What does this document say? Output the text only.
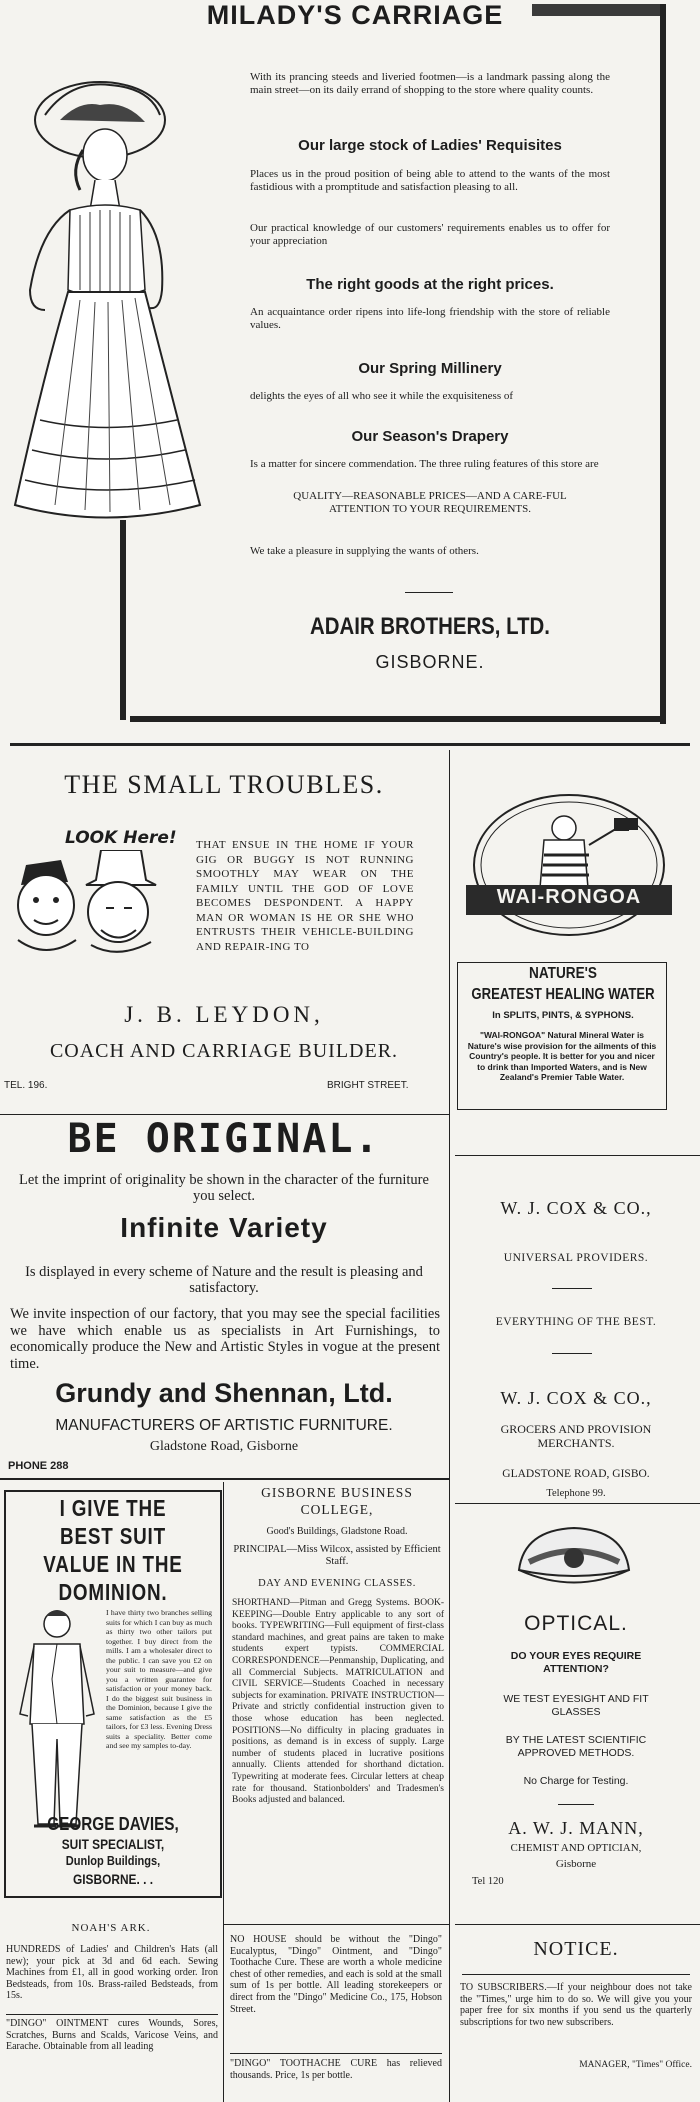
MILADY'S CARRIAGE

With its prancing steeds and liveried footmen—is a landmark passing along the main street—on its daily errand of shopping to the store where quality counts.

Our large stock of Ladies' Requisites

Places us in the proud position of being able to attend to the wants of the most fastidious with a promptitude and satisfaction pleasing to all.

Our practical knowledge of our customers' requirements enables us to offer for your appreciation

The right goods at the right prices.

An acquaintance order ripens into life-long friendship with the store of reliable values.

Our Spring Millinery

delights the eyes of all who see it while the exquisiteness of

Our Season's Drapery

Is a matter for sincere commendation. The three ruling features of this store are

QUALITY—REASONABLE PRICES—AND A CARE-FUL ATTENTION TO YOUR REQUIREMENTS.

We take a pleasure in supplying the wants of others.

ADAIR BROTHERS, LTD.
GISBORNE.
THE SMALL TROUBLES.
LOOK Here! THAT ENSUE IN THE HOME IF YOUR GIG OR BUGGY IS NOT RUNNING SMOOTHLY MAY WEAR ON THE FAMILY UNTIL THE GOD OF LOVE BECOMES DESPONDENT. A HAPPY MAN OR WOMAN IS HE OR SHE WHO ENTRUSTS THEIR VEHICLE-BUILDING AND REPAIR-ING TO

J. B. LEYDON,
COACH AND CARRIAGE BUILDER.
TEL. 196.	BRIGHT STREET.
WAI-RONGOA
NATURE'S
GREATEST HEALING WATER
In SPLITS, PINTS, & SYPHONS.

"WAI-RONGOA" Natural Mineral Water is Nature's wise provision for the ailments of this Country's people. It is better for you and nicer to drink than Imported Waters, and is New Zealand's Premier Table Water.

BE ORIGINAL.

Let the imprint of originality be shown in the character of the furniture you select.

Infinite Variety

Is displayed in every scheme of Nature and the result is pleasing and satisfactory.

We invite inspection of our factory, that you may see the special facilities we have which enable us as specialists in Art Furnishings, to economically produce the New and Artistic Styles in vogue at the present time.

Grundy and Shennan, Ltd.
MANUFACTURERS OF ARTISTIC FURNITURE.
Gladstone Road, Gisborne
PHONE 288
W. J. COX & CO.,
UNIVERSAL PROVIDERS.
EVERYTHING OF THE BEST.
W. J. COX & CO.,
GROCERS AND PROVISION MERCHANTS.
GLADSTONE ROAD, GISBO.
Telephone 99.
I GIVE THE BEST SUIT VALUE IN THE DOMINION.

I have thirty two branches selling suits for which I can buy as much as thirty two other tailors put together. I buy direct from the mills. I am a wholesaler direct to the public. I can save you £2 on your suit to measure—and give you a written guarantee for satisfaction or your money back. I do the biggest suit business in the Dominion, because I give the same satisfaction as the £5 tailors, for £3 less. Evening Dress suits a speciality. Better come and see my samples to-day.

GEORGE DAVIES,
SUIT SPECIALIST,
Dunlop Buildings,
GISBORNE. . .
GISBORNE BUSINESS COLLEGE,
Good's Buildings, Gladstone Road.

PRINCIPAL—Miss Wilcox, assisted by Efficient Staff.

DAY AND EVENING CLASSES.

SHORTHAND—Pitman and Gregg Systems. BOOK-KEEPING—Double Entry applicable to any sort of books. TYPEWRITING—Full equipment of first-class standard machines, and great pains are taken to make students expert typists. COMMERCIAL CORRESPONDENCE—Penmanship, Duplicating, and all Commercial Subjects. MATRICULATION and CIVIL SERVICE—Students Coached in necessary subjects for examination. PRIVATE INSTRUCTION—Private and strictly confidential instruction given to those whose education has been neglected. POSITIONS—No difficulty in placing graduates in positions, as demand is in excess of supply. Large number of students placed in lucrative positions annually. Clients attended for shorthand dictation. Typewriting at moderate fees. Circular letters at cheap rate for thousand. Stationbolders' and Tradesmen's Books adjusted and balanced.

OPTICAL.
DO YOUR EYES REQUIRE ATTENTION?
WE TEST EYESIGHT AND FIT GLASSES
BY THE LATEST SCIENTIFIC APPROVED METHODS.
No Charge for Testing.
A. W. J. MANN,
CHEMIST AND OPTICIAN,
Gisborne
Tel 120
NOAH'S ARK.

HUNDREDS of Ladies' and Children's Hats (all new); your pick at 3d and 6d each. Sewing Machines from £1, all in good working order. Iron Bedsteads, from 10s. Brass-railed Bedsteads, from 15s.

"DINGO" OINTMENT cures Wounds, Sores, Scratches, Burns and Scalds, Varicose Veins, and Earache. Obtainable from all leading

NO HOUSE should be without the "Dingo" Eucalyptus, "Dingo" Ointment, and "Dingo" Toothache Cure. These are worth a whole medicine chest of other remedies, and each is sold at the small sum of 1s per bottle. All leading storekeepers or direct from the "Dingo" Medicine Co., 175, Hobson Street.

"DINGO" TOOTHACHE CURE has relieved thousands. Price, 1s per bottle.

NOTICE.

TO SUBSCRIBERS.—If your neighbour does not take the "Times," urge him to do so. We will give you your paper free for six months if you send us the quarterly subscriptions for two new subscribers.

MANAGER, "Times" Office.
